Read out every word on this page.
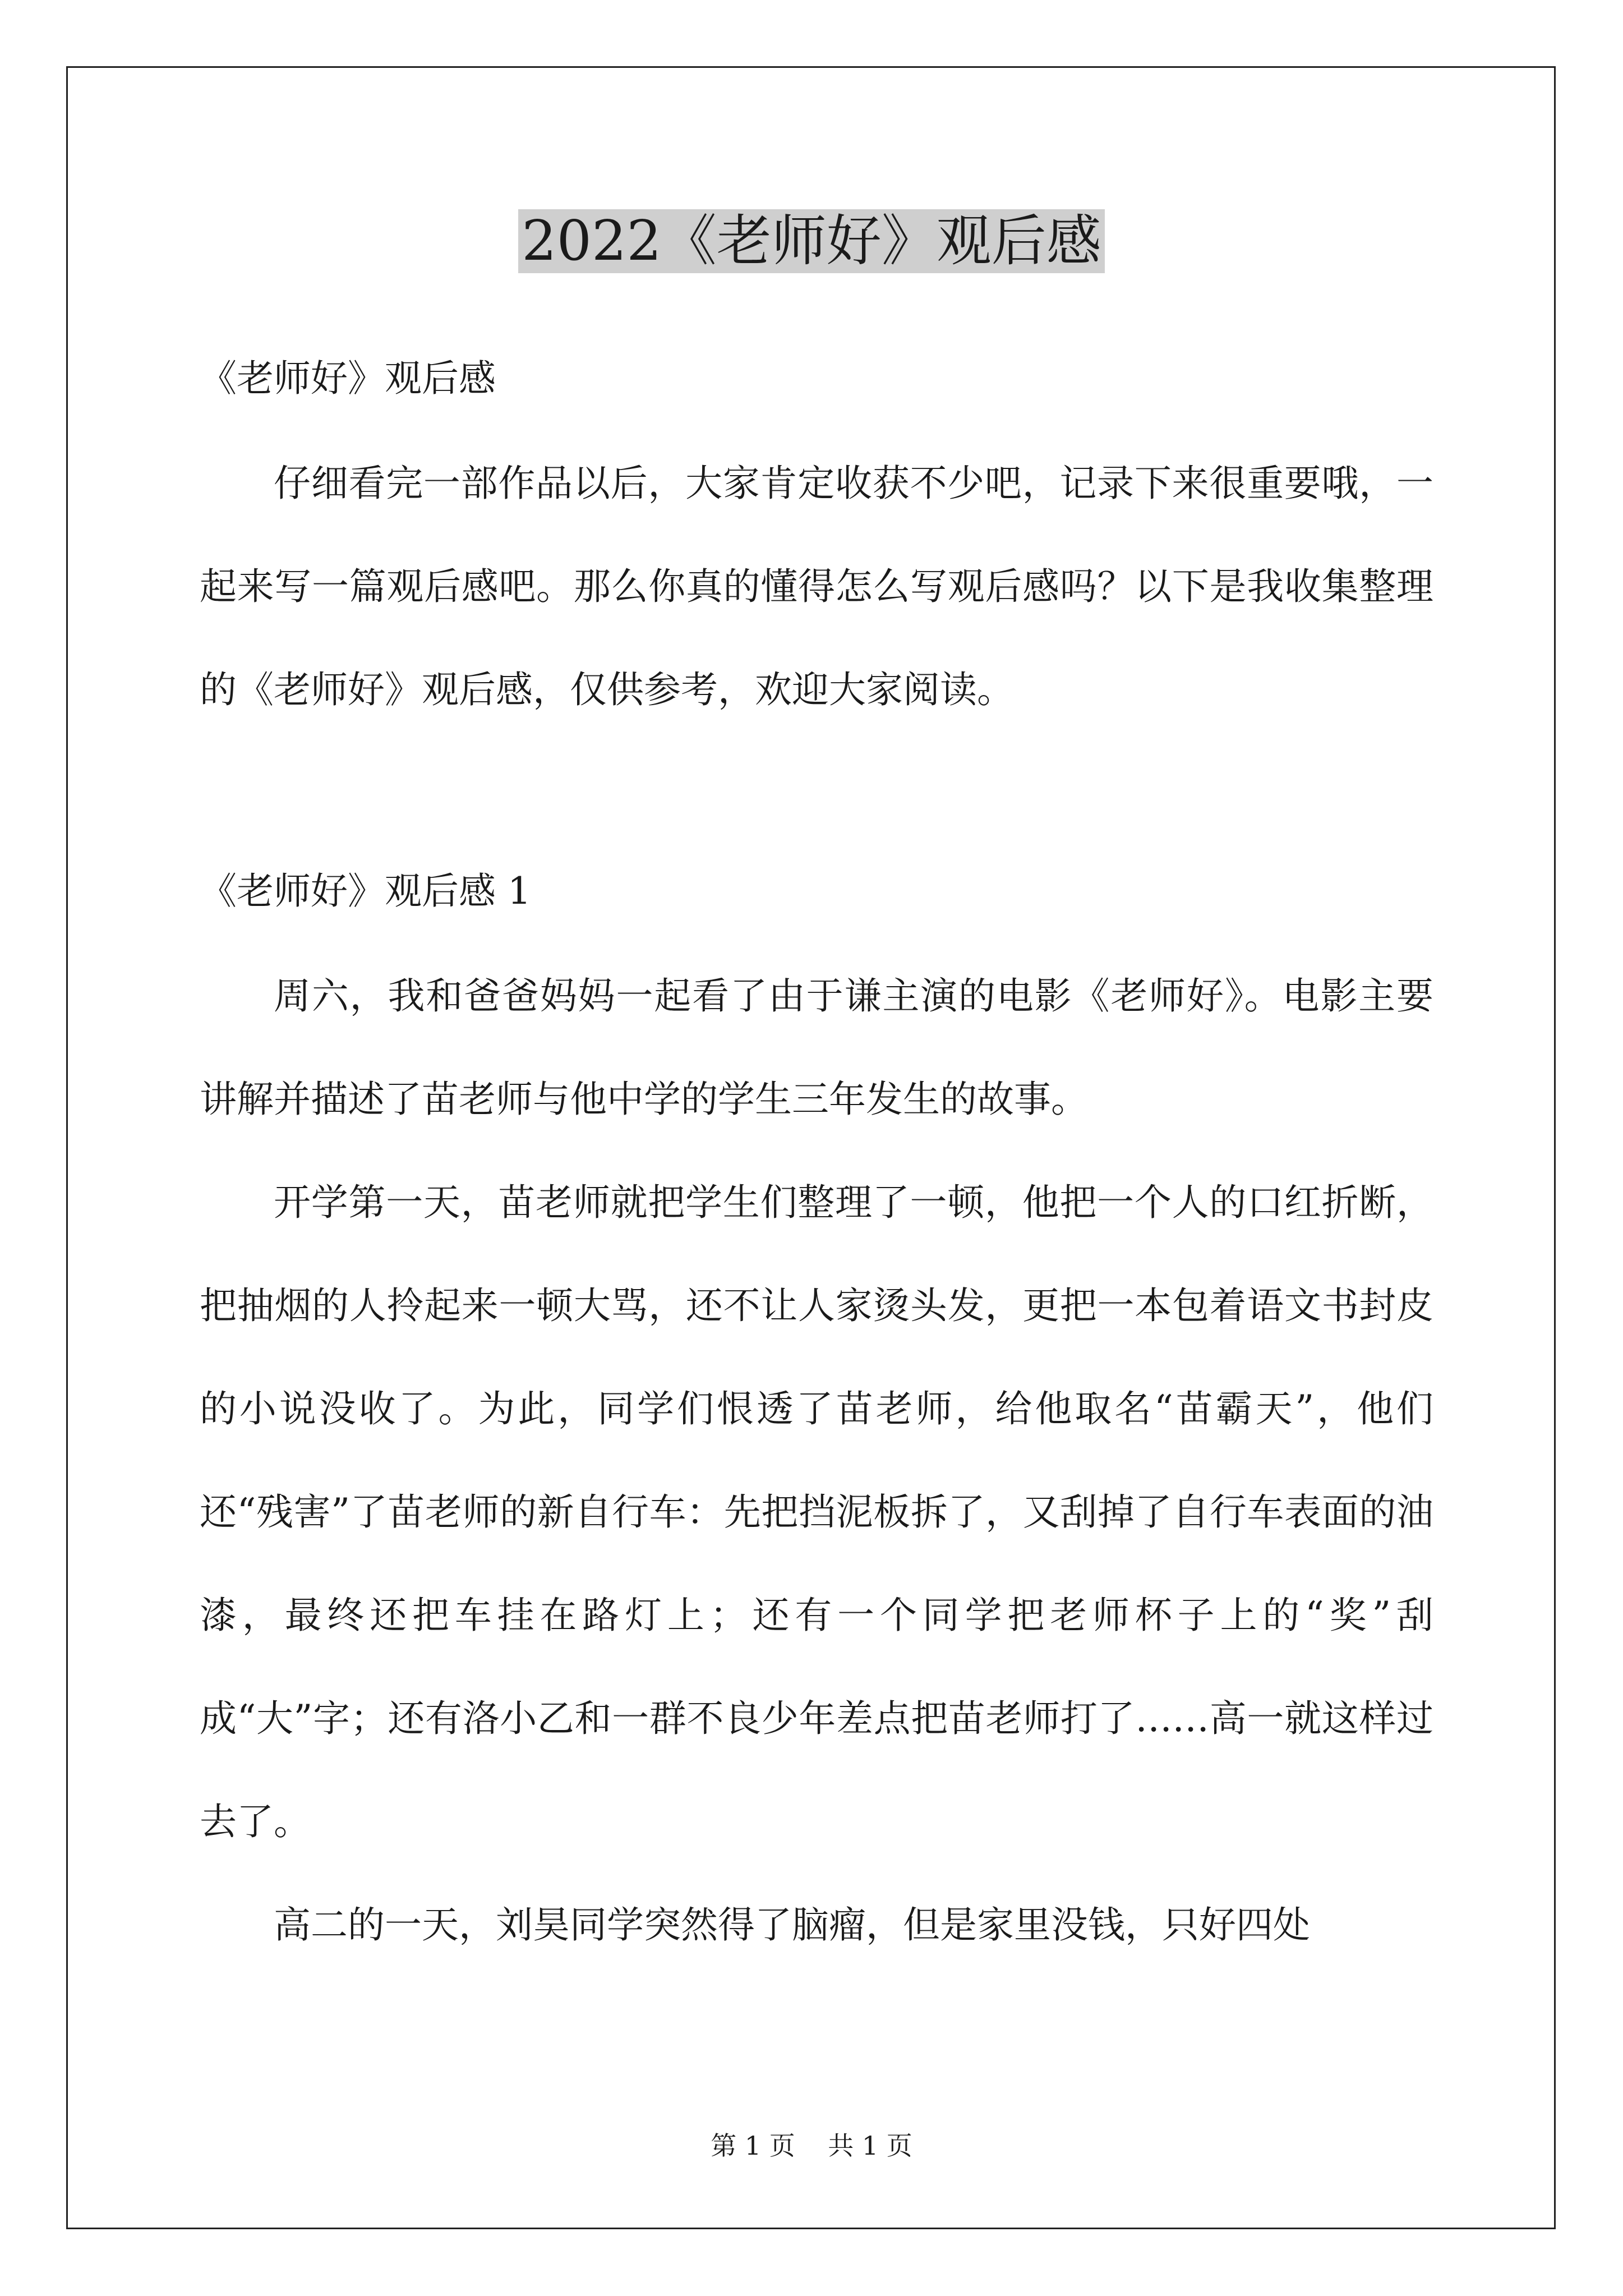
2022《老师好》观后感
《老师好》观后感

仔细看完一部作品以后，大家肯定收获不少吧，记录下来很重要哦，一起来写一篇观后感吧。那么你真的懂得怎么写观后感吗？以下是我收集整理的《老师好》观后感，仅供参考，欢迎大家阅读。

《老师好》观后感 1

周六，我和爸爸妈妈一起看了由于谦主演的电影《老师好》。电影主要讲解并描述了苗老师与他中学的学生三年发生的故事。

开学第一天，苗老师就把学生们整理了一顿，他把一个人的口红折断，把抽烟的人拎起来一顿大骂，还不让人家烫头发，更把一本包着语文书封皮的小说没收了。为此，同学们恨透了苗老师，给他取名“苗霸天”，他们还“残害”了苗老师的新自行车：先把挡泥板拆了，又刮掉了自行车表面的油漆，最终还把车挂在路灯上；还有一个同学把老师杯子上的“奖”刮成“大”字；还有洛小乙和一群不良少年差点把苗老师打了……高一就这样过去了。

高二的一天，刘昊同学突然得了脑瘤，但是家里没钱，只好四处

第 1 页    共 1 页
